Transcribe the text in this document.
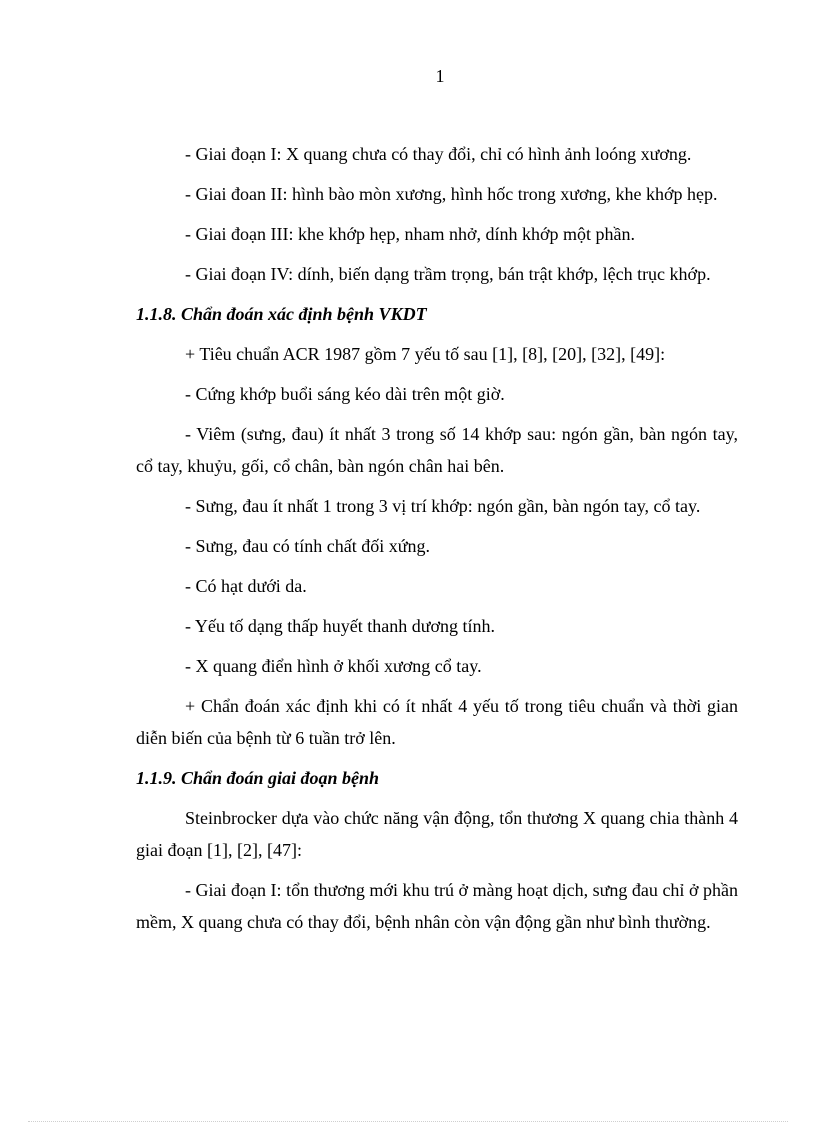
1

- Giai đoạn I: X quang chưa có thay đổi, chỉ có hình ảnh loóng xương.

- Giai đoan II: hình bào mòn xương, hình hốc trong xương, khe khớp hẹp.

- Giai đoạn III: khe khớp hẹp, nham nhở, dính khớp một phần.

- Giai đoạn IV: dính, biến dạng trầm trọng, bán trật khớp, lệch trục khớp.

1.1.8. Chẩn đoán xác định bệnh VKDT

+ Tiêu chuẩn ACR 1987 gồm 7 yếu tố sau [1], [8], [20], [32], [49]:

- Cứng khớp buổi sáng kéo dài trên một giờ.

- Viêm (sưng, đau) ít nhất 3 trong số 14 khớp sau: ngón gần, bàn ngón tay, cổ tay, khuỷu, gối, cổ chân, bàn ngón chân hai bên.

- Sưng, đau ít nhất 1 trong 3 vị trí khớp: ngón gần, bàn ngón tay, cổ tay.

- Sưng, đau có tính chất đối xứng.

- Có hạt dưới da.

- Yếu tố dạng thấp huyết thanh dương tính.

- X quang điển hình ở khối xương cổ tay.

+ Chẩn đoán xác định khi có ít nhất 4 yếu tố trong tiêu chuẩn và thời gian diễn biến của bệnh từ 6 tuần trở lên.

1.1.9. Chẩn đoán giai đoạn bệnh

Steinbrocker dựa vào chức năng vận động, tổn thương X quang chia thành 4 giai đoạn [1], [2], [47]:

- Giai đoạn I: tổn thương mới khu trú ở màng hoạt dịch, sưng đau chỉ ở phần mềm, X quang chưa có thay đổi, bệnh nhân còn vận động gần như bình thường.
